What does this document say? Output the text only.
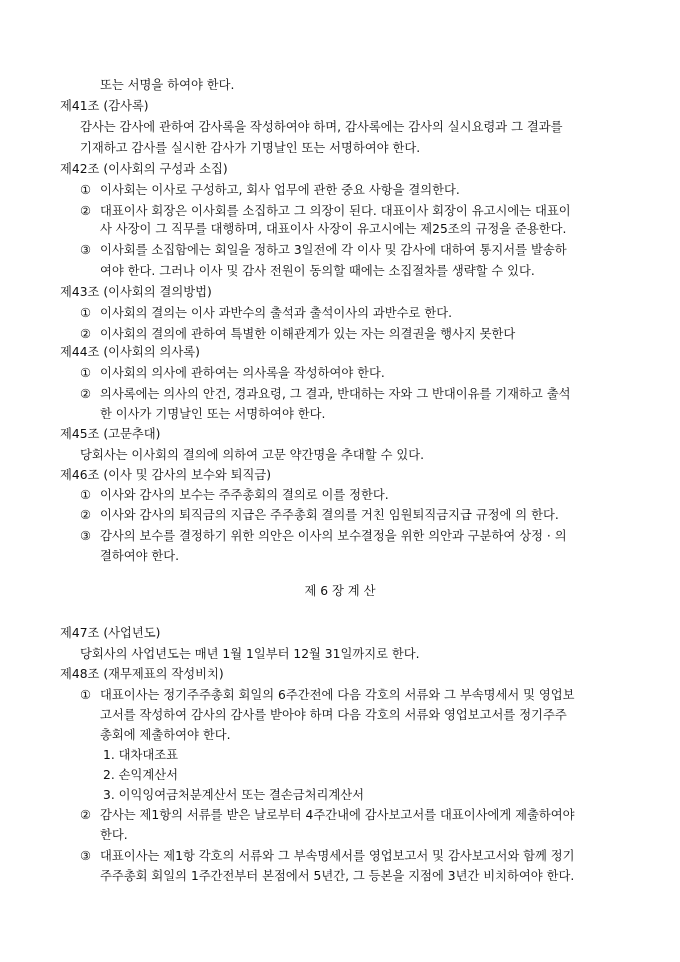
또는 서명을 하여야 한다.
제41조 (감사록)
감사는 감사에 관하여 감사록을 작성하여야 하며, 감사록에는 감사의 실시요령과 그 결과를
기재하고 감사를 실시한 감사가 기명날인 또는 서명하여야 한다.
제42조 (이사회의 구성과 소집)
① 이사회는 이사로 구성하고, 회사 업무에 관한 중요 사항을 결의한다.
② 대표이사 회장은 이사회를 소집하고 그 의장이 된다. 대표이사 회장이 유고시에는 대표이
사 사장이 그 직무를 대행하며, 대표이사 사장이 유고시에는 제25조의 규정을 준용한다.
③ 이사회를 소집함에는 회일을 정하고 3일전에 각 이사 및 감사에 대하여 통지서를 발송하
여야 한다. 그러나 이사 및 감사 전원이 동의할 때에는 소집절차를 생략할 수 있다.
제43조 (이사회의 결의방법)
① 이사회의 결의는 이사 과반수의 출석과 출석이사의 과반수로 한다.
② 이사회의 결의에 관하여 특별한 이해관계가 있는 자는 의결권을 행사지 못한다
제44조 (이사회의 의사록)
① 이사회의 의사에 관하여는 의사록을 작성하여야 한다.
② 의사록에는 의사의 안건, 경과요령, 그 결과, 반대하는 자와 그 반대이유를 기재하고 출석
한 이사가 기명날인 또는 서명하여야 한다.
제45조 (고문추대)
당회사는 이사회의 결의에 의하여 고문 약간명을 추대할 수 있다.
제46조 (이사 및 감사의 보수와 퇴직금)
① 이사와 감사의 보수는 주주총회의 결의로 이를 정한다.
② 이사와 감사의 퇴직금의 지급은 주주총회 결의를 거친 임원퇴직금지급 규정에 의 한다.
③ 감사의 보수를 결정하기 위한 의안은 이사의 보수결정을 위한 의안과 구분하여 상정 · 의
결하여야 한다.
제 6 장 계 산
제47조 (사업년도)
당회사의 사업년도는 매년 1월 1일부터 12월 31일까지로 한다.
제48조 (재무제표의 작성비치)
① 대표이사는 정기주주총회 회일의 6주간전에 다음 각호의 서류와 그 부속명세서 및 영업보
고서를 작성하여 감사의 감사를 받아야 하며 다음 각호의 서류와 영업보고서를 정기주주
총회에 제출하여야 한다.
1. 대차대조표
2. 손익계산서
3. 이익잉여금처분계산서 또는 결손금처리계산서
② 감사는 제1항의 서류를 받은 날로부터 4주간내에 감사보고서를 대표이사에게 제출하여야
한다.
③ 대표이사는 제1항 각호의 서류와 그 부속명세서를 영업보고서 및 감사보고서와 함께 정기
주주총회 회일의 1주간전부터 본점에서 5년간, 그 등본을 지점에 3년간 비치하여야 한다.
